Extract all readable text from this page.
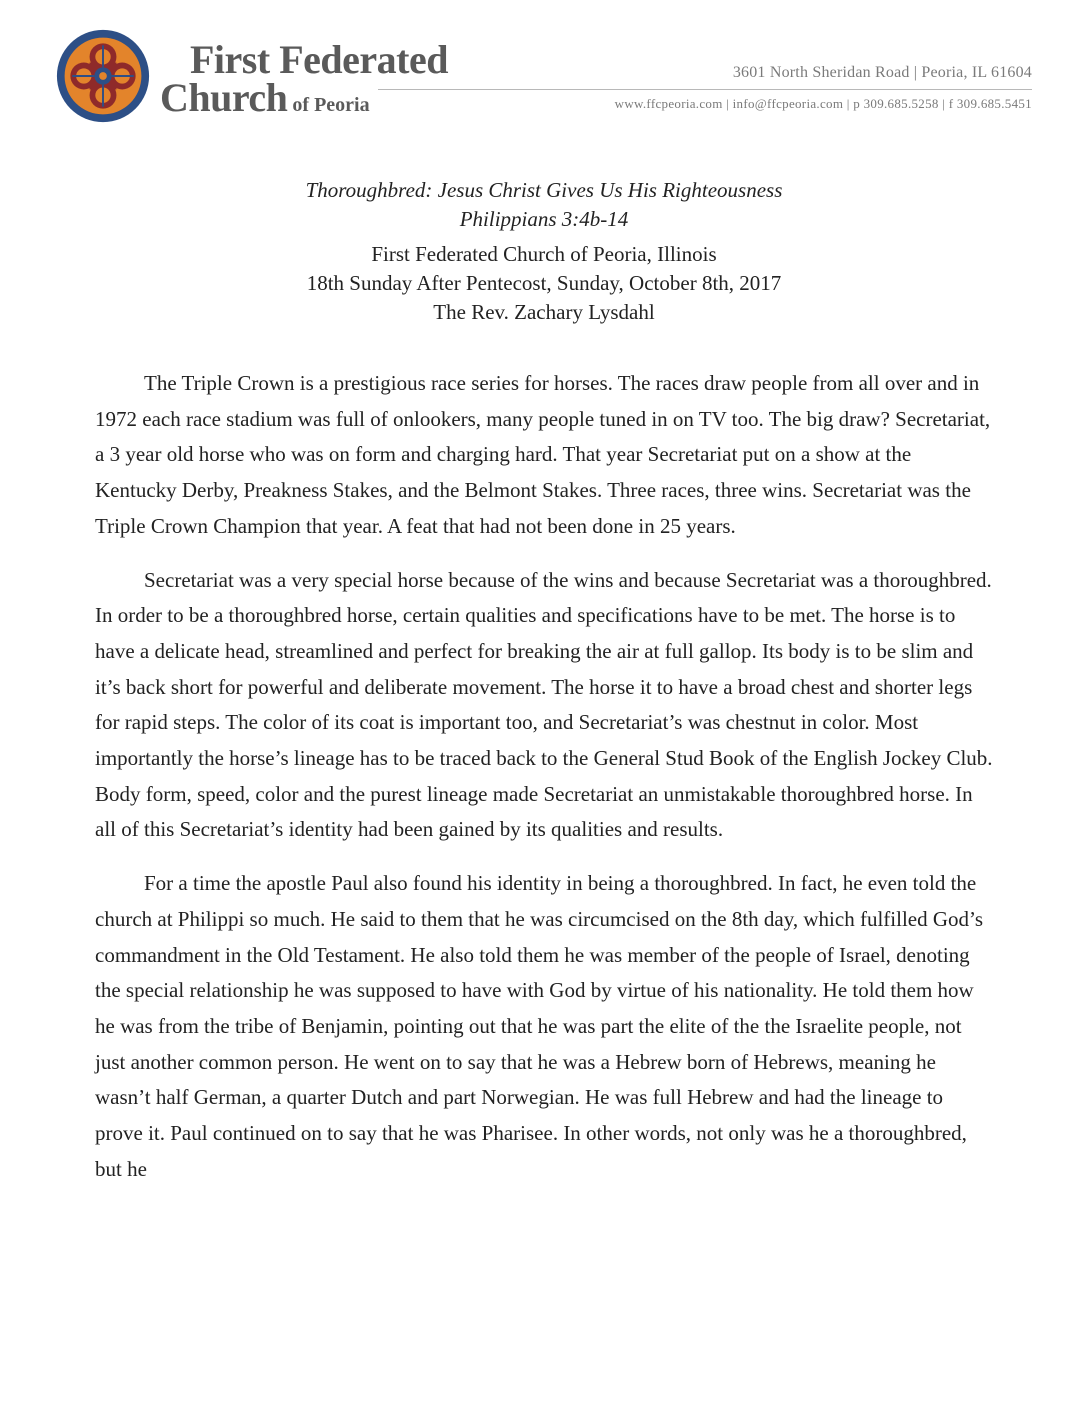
First Federated
Church of Peoria
3601 North Sheridan Road | Peoria, IL 61604
www.ffcpeoria.com | info@ffcpeoria.com | p 309.685.5258 | f 309.685.5451
Thoroughbred: Jesus Christ Gives Us His Righteousness
Philippians 3:4b-14
First Federated Church of Peoria, Illinois
18th Sunday After Pentecost, Sunday, October 8th, 2017
The Rev. Zachary Lysdahl

The Triple Crown is a prestigious race series for horses. The races draw people from all over and in 1972 each race stadium was full of onlookers, many people tuned in on TV too. The big draw? Secretariat, a 3 year old horse who was on form and charging hard. That year Secretariat put on a show at the Kentucky Derby, Preakness Stakes, and the Belmont Stakes. Three races, three wins. Secretariat was the Triple Crown Champion that year. A feat that had not been done in 25 years.

Secretariat was a very special horse because of the wins and because Secretariat was a thoroughbred. In order to be a thoroughbred horse, certain qualities and specifications have to be met. The horse is to have a delicate head, streamlined and perfect for breaking the air at full gallop. Its body is to be slim and it’s back short for powerful and deliberate movement. The horse it to have a broad chest and shorter legs for rapid steps. The color of its coat is important too, and Secretariat’s was chestnut in color. Most importantly the horse’s lineage has to be traced back to the General Stud Book of the English Jockey Club. Body form, speed, color and the purest lineage made Secretariat an unmistakable thoroughbred horse. In all of this Secretariat’s identity had been gained by its qualities and results.

For a time the apostle Paul also found his identity in being a thoroughbred. In fact, he even told the church at Philippi so much. He said to them that he was circumcised on the 8th day, which fulfilled God’s commandment in the Old Testament. He also told them he was member of the people of Israel, denoting the special relationship he was supposed to have with God by virtue of his nationality. He told them how he was from the tribe of Benjamin, pointing out that he was part the elite of the the Israelite people, not just another common person. He went on to say that he was a Hebrew born of Hebrews, meaning he wasn’t half German, a quarter Dutch and part Norwegian. He was full Hebrew and had the lineage to prove it. Paul continued on to say that he was Pharisee. In other words, not only was he a thoroughbred, but he
